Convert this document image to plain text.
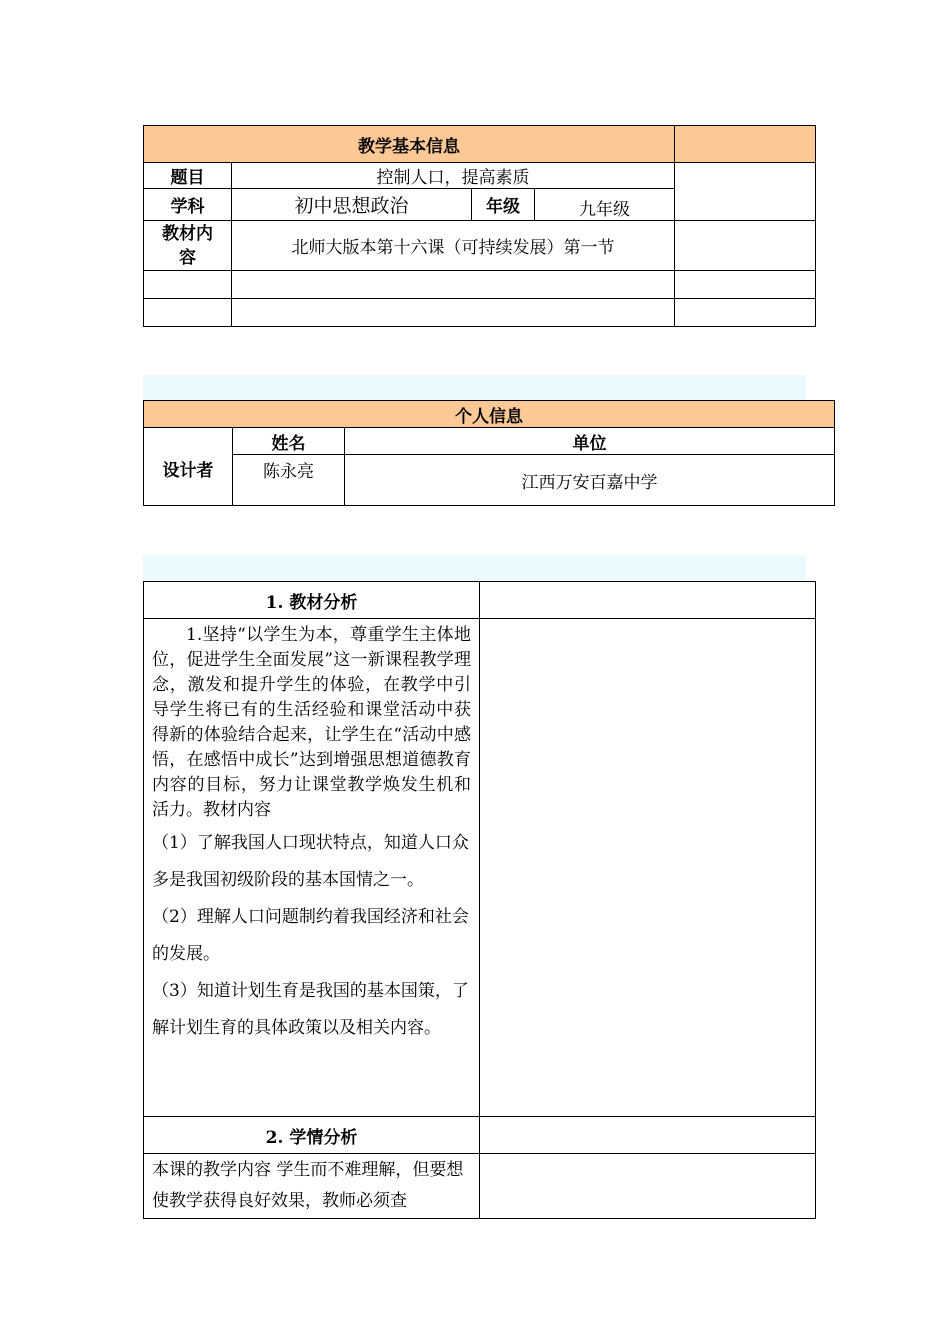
教学基本信息				
题目	控制人口，提高素质			
学科	初中思想政治	年级	九年级	
教材内容	北师大版本第十六课（可持续发展）第一节			

个人信息		
设计者	姓名	单位
	陈永亮	江西万安百嘉中学
1. 教材分析	

1.坚持“以学生为本，尊重学生主体地位，促进学生全面发展”这一新课程教学理念，激发和提升学生的体验，在教学中引导学生将已有的生活经验和课堂活动中获得新的体验结合起来，让学生在“活动中感悟，在感悟中成长”达到增强思想道德教育内容的目标，努力让课堂教学焕发生机和活力。教材内容
（1）了解我国人口现状特点，知道人口众多是我国初级阶段的基本国情之一。
（2）理解人口问题制约着我国经济和社会的发展。
（3）知道计划生育是我国的基本国策，了解计划生育的具体政策以及相关内容。	

2. 学情分析	

本课的教学内容 学生而不难理解，但要想使教学获得良好效果，教师必须查	
